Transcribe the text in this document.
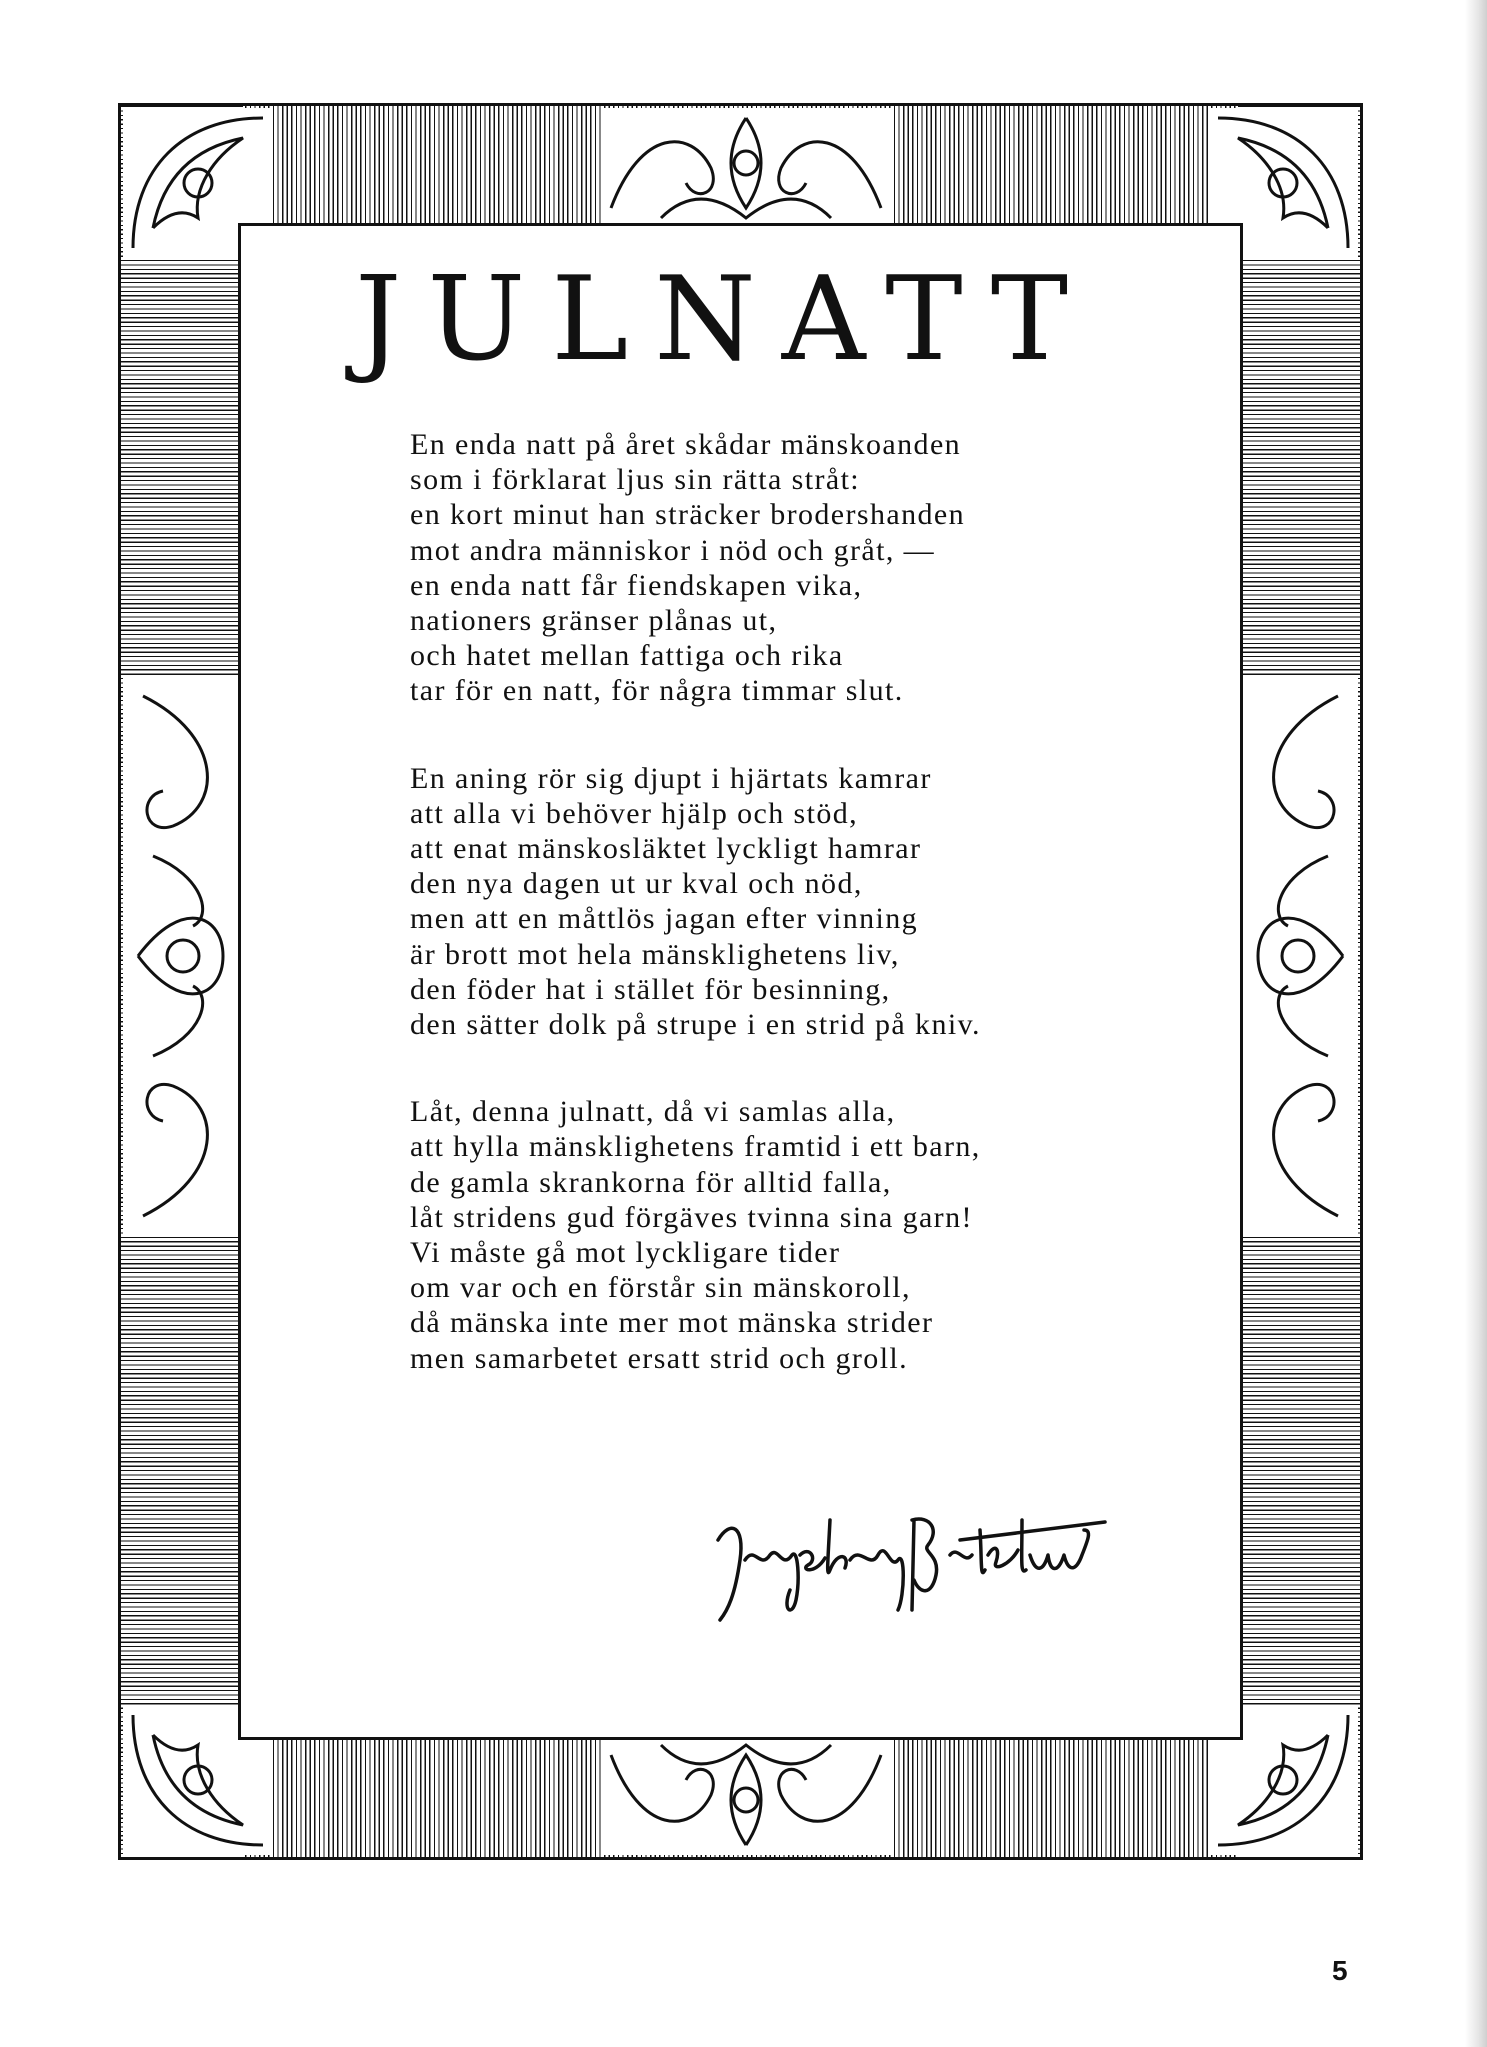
JULNATT
En enda natt på året skådar mänskoanden
som i förklarat ljus sin rätta stråt:
en kort minut han sträcker brodershanden
mot andra människor i nöd och gråt, —
en enda natt får fiendskapen vika,
nationers gränser plånas ut,
och hatet mellan fattiga och rika
tar för en natt, för några timmar slut.
En aning rör sig djupt i hjärtats kamrar
att alla vi behöver hjälp och stöd,
att enat mänskosläktet lyckligt hamrar
den nya dagen ut ur kval och nöd,
men att en måttlös jagan efter vinning
är brott mot hela mänsklighetens liv,
den föder hat i stället för besinning,
den sätter dolk på strupe i en strid på kniv.
Låt, denna julnatt, då vi samlas alla,
att hylla mänsklighetens framtid i ett barn,
de gamla skrankorna för alltid falla,
låt stridens gud förgäves tvinna sina garn!
Vi måste gå mot lyckligare tider
om var och en förstår sin mänskoroll,
då mänska inte mer mot mänska strider
men samarbetet ersatt strid och groll.
5
